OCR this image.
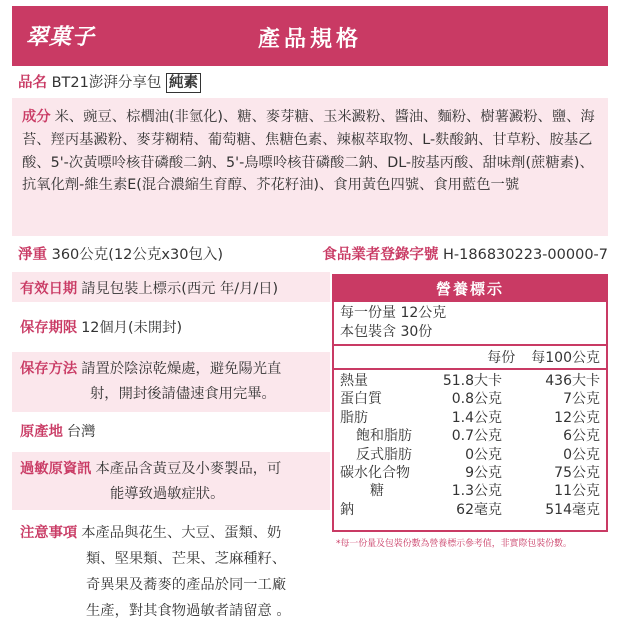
翠菓子	產品規格
品名 BT21澎湃分享包 純素
成分 米、豌豆、棕櫚油(非氫化)、糖、麥芽糖、玉米澱粉、醬油、麵粉、樹薯澱粉、鹽、海苔、羥丙基澱粉、麥芽糊精、葡萄糖、焦糖色素、辣椒萃取物、L-麩酸鈉、甘草粉、胺基乙酸、5'-次黃嘌呤核苷磷酸二鈉、5'-鳥嘌呤核苷磷酸二鈉、DL-胺基丙酸、甜味劑(蔗糖素)、抗氧化劑-維生素E(混合濃縮生育醇、芥花籽油)、食用黃色四號、食用藍色一號
淨重 360公克(12公克x30包入)	食品業者登錄字號 H-186830223-00000-7
有效日期 請見包裝上標示(西元 年/月/日)
保存期限 12個月(未開封)
保存方法 請置於陰涼乾燥處，避免陽光直
射，開封後請儘速食用完畢。
原產地 台灣
過敏原資訊 本產品含黃豆及小麥製品，可
能導致過敏症狀。
注意事項 本產品與花生、大豆、蛋類、奶
類、堅果類、芒果、芝麻種籽、
奇異果及蕎麥的產品於同一工廠
生產，對其食物過敏者請留意 。
營養標示
每一份量 12公克
本包裝含 30份
每份 每100公克
熱量	51.8大卡	436大卡
蛋白質	0.8公克	7公克
脂肪	1.4公克	12公克
飽和脂肪	0.7公克	6公克
反式脂肪	0公克	0公克
碳水化合物	9公克	75公克
糖	1.3公克	11公克
鈉	62毫克	514毫克
*每一份量及包裝份數為營養標示參考值，非實際包裝份數。
